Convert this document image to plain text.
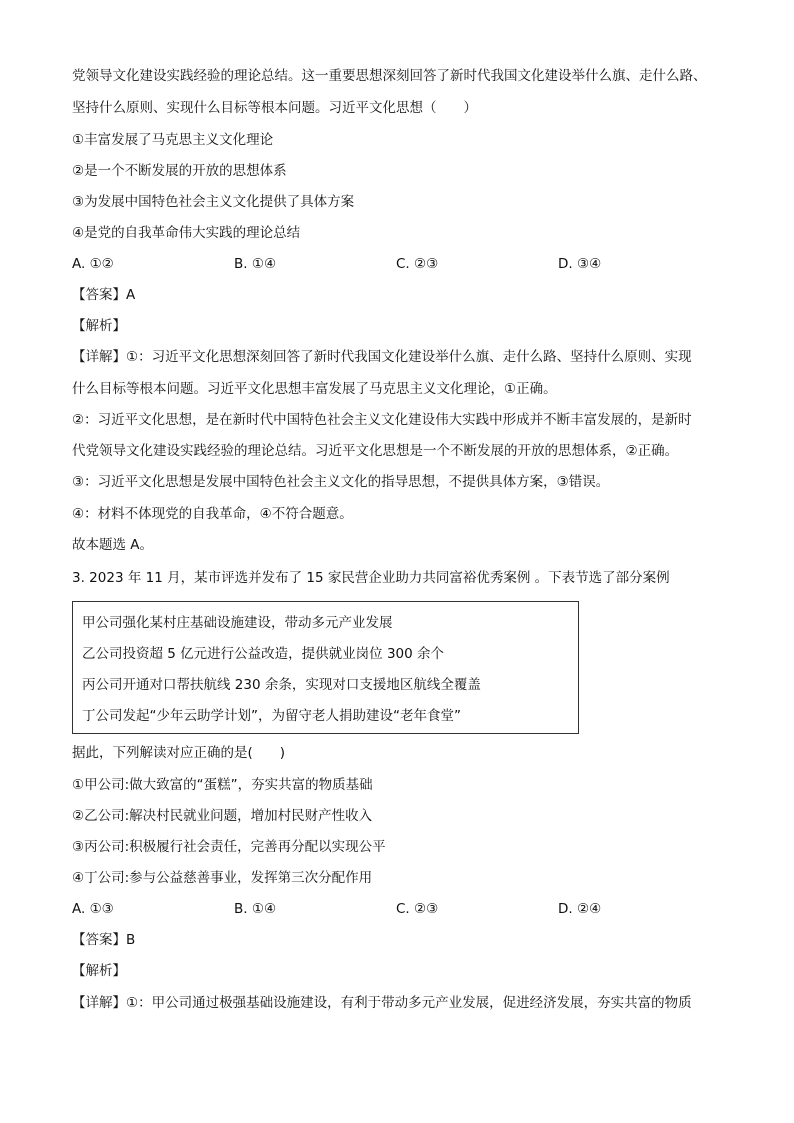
党领导文化建设实践经验的理论总结。这一重要思想深刻回答了新时代我国文化建设举什么旗、走什么路、
坚持什么原则、实现什么目标等根本问题。习近平文化思想（　　）
①丰富发展了马克思主义文化理论
②是一个不断发展的开放的思想体系
③为发展中国特色社会主义文化提供了具体方案
④是党的自我革命伟大实践的理论总结
A. ①②	B. ①④	C. ②③	D. ③④
【答案】A
【解析】
【详解】①：习近平文化思想深刻回答了新时代我国文化建设举什么旗、走什么路、坚持什么原则、实现
什么目标等根本问题。习近平文化思想丰富发展了马克思主义文化理论，①正确。
②：习近平文化思想，是在新时代中国特色社会主义文化建设伟大实践中形成并不断丰富发展的，是新时
代党领导文化建设实践经验的理论总结。习近平文化思想是一个不断发展的开放的思想体系，②正确。
③：习近平文化思想是发展中国特色社会主义文化的指导思想，不提供具体方案，③错误。
④：材料不体现党的自我革命，④不符合题意。
故本题选 A。
3. 2023 年 11 月，某市评选并发布了 15 家民营企业助力共同富裕优秀案例 。下表节选了部分案例
甲公司强化某村庄基础设施建设，带动多元产业发展
乙公司投资超 5 亿元进行公益改造，提供就业岗位 300 余个
丙公司开通对口帮扶航线 230 余条，实现对口支援地区航线全覆盖
丁公司发起“少年云助学计划”，为留守老人捐助建设“老年食堂”
据此，下列解读对应正确的是(　　)
①甲公司:做大致富的“蛋糕”，夯实共富的物质基础
②乙公司:解决村民就业问题，增加村民财产性收入
③丙公司:积极履行社会责任，完善再分配以实现公平
④丁公司:参与公益慈善事业，发挥第三次分配作用
A. ①③	B. ①④	C. ②③	D. ②④
【答案】B
【解析】
【详解】①：甲公司通过极强基础设施建设，有利于带动多元产业发展，促进经济发展，夯实共富的物质
